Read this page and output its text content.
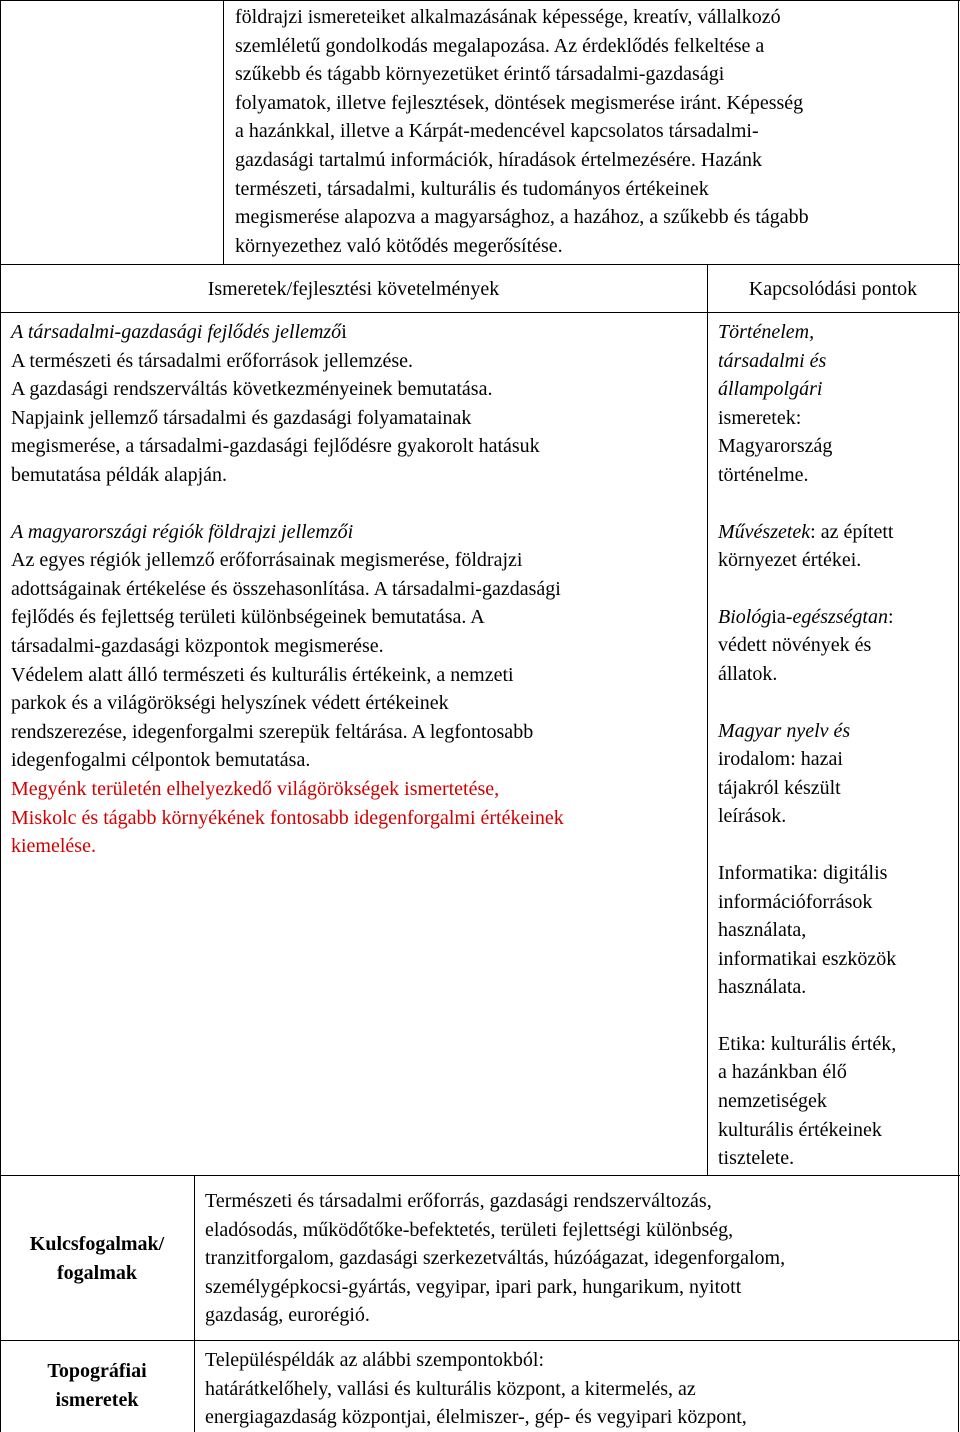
földrajzi ismereteiket alkalmazásának képessége, kreatív, vállalkozó

szemléletű gondolkodás megalapozása. Az érdeklődés felkeltése a

szűkebb és tágabb környezetüket érintő társadalmi-gazdasági

folyamatok, illetve fejlesztések, döntések megismerése iránt. Képesség

a hazánkkal, illetve a Kárpát-medencével kapcsolatos társadalmi-

gazdasági tartalmú információk, híradások értelmezésére. Hazánk

természeti, társadalmi, kulturális és tudományos értékeinek

megismerése alapozva a magyarsághoz, a hazához, a szűkebb és tágabb

környezethez való kötődés megerősítése.

Ismeretek/fejlesztési követelmények	Kapcsolódási pontok

A társadalmi-gazdasági fejlődés jellemzői

A természeti és társadalmi erőforrások jellemzése.

A gazdasági rendszerváltás következményeinek bemutatása.

Napjaink jellemző társadalmi és gazdasági folyamatainak

megismerése, a társadalmi-gazdasági fejlődésre gyakorolt hatásuk

bemutatása példák alapján.

A magyarországi régiók földrajzi jellemzői

Az egyes régiók jellemző erőforrásainak megismerése, földrajzi

adottságainak értékelése és összehasonlítása. A társadalmi-gazdasági

fejlődés és fejlettség területi különbségeinek bemutatása. A

társadalmi-gazdasági központok megismerése.

Védelem alatt álló természeti és kulturális értékeink, a nemzeti

parkok és a világörökségi helyszínek védett értékeinek

rendszerezése, idegenforgalmi szerepük feltárása. A legfontosabb

idegenfogalmi célpontok bemutatása.

Megyénk területén elhelyezkedő világörökségek ismertetése,

Miskolc és tágabb környékének fontosabb idegenforgalmi értékeinek

kiemelése.

Történelem,

társadalmi és

állampolgári

ismeretek:

Magyarország

történelme.

Művészetek: az épített

környezet értékei.

Biológia-egészségtan:

védett növények és

állatok.

Magyar nyelv és

irodalom: hazai

tájakról készült

leírások.

Informatika: digitális

információforrások

használata,

informatikai eszközök

használata.

Etika: kulturális érték,

a hazánkban élő

nemzetiségek

kulturális értékeinek

tisztelete.

Kulcsfogalmak/

fogalmak

Természeti és társadalmi erőforrás, gazdasági rendszerváltozás,

eladósodás, működőtőke-befektetés, területi fejlettségi különbség,

tranzitforgalom, gazdasági szerkezetváltás, húzóágazat, idegenforgalom,

személygépkocsi-gyártás, vegyipar, ipari park, hungarikum, nyitott

gazdaság, eurorégió.

Topográfiai

ismeretek

Településpéldák az alábbi szempontokból:

határátkelőhely, vallási és kulturális központ, a kitermelés, az

energiagazdaság központjai, élelmiszer-, gép- és vegyipari központ,
